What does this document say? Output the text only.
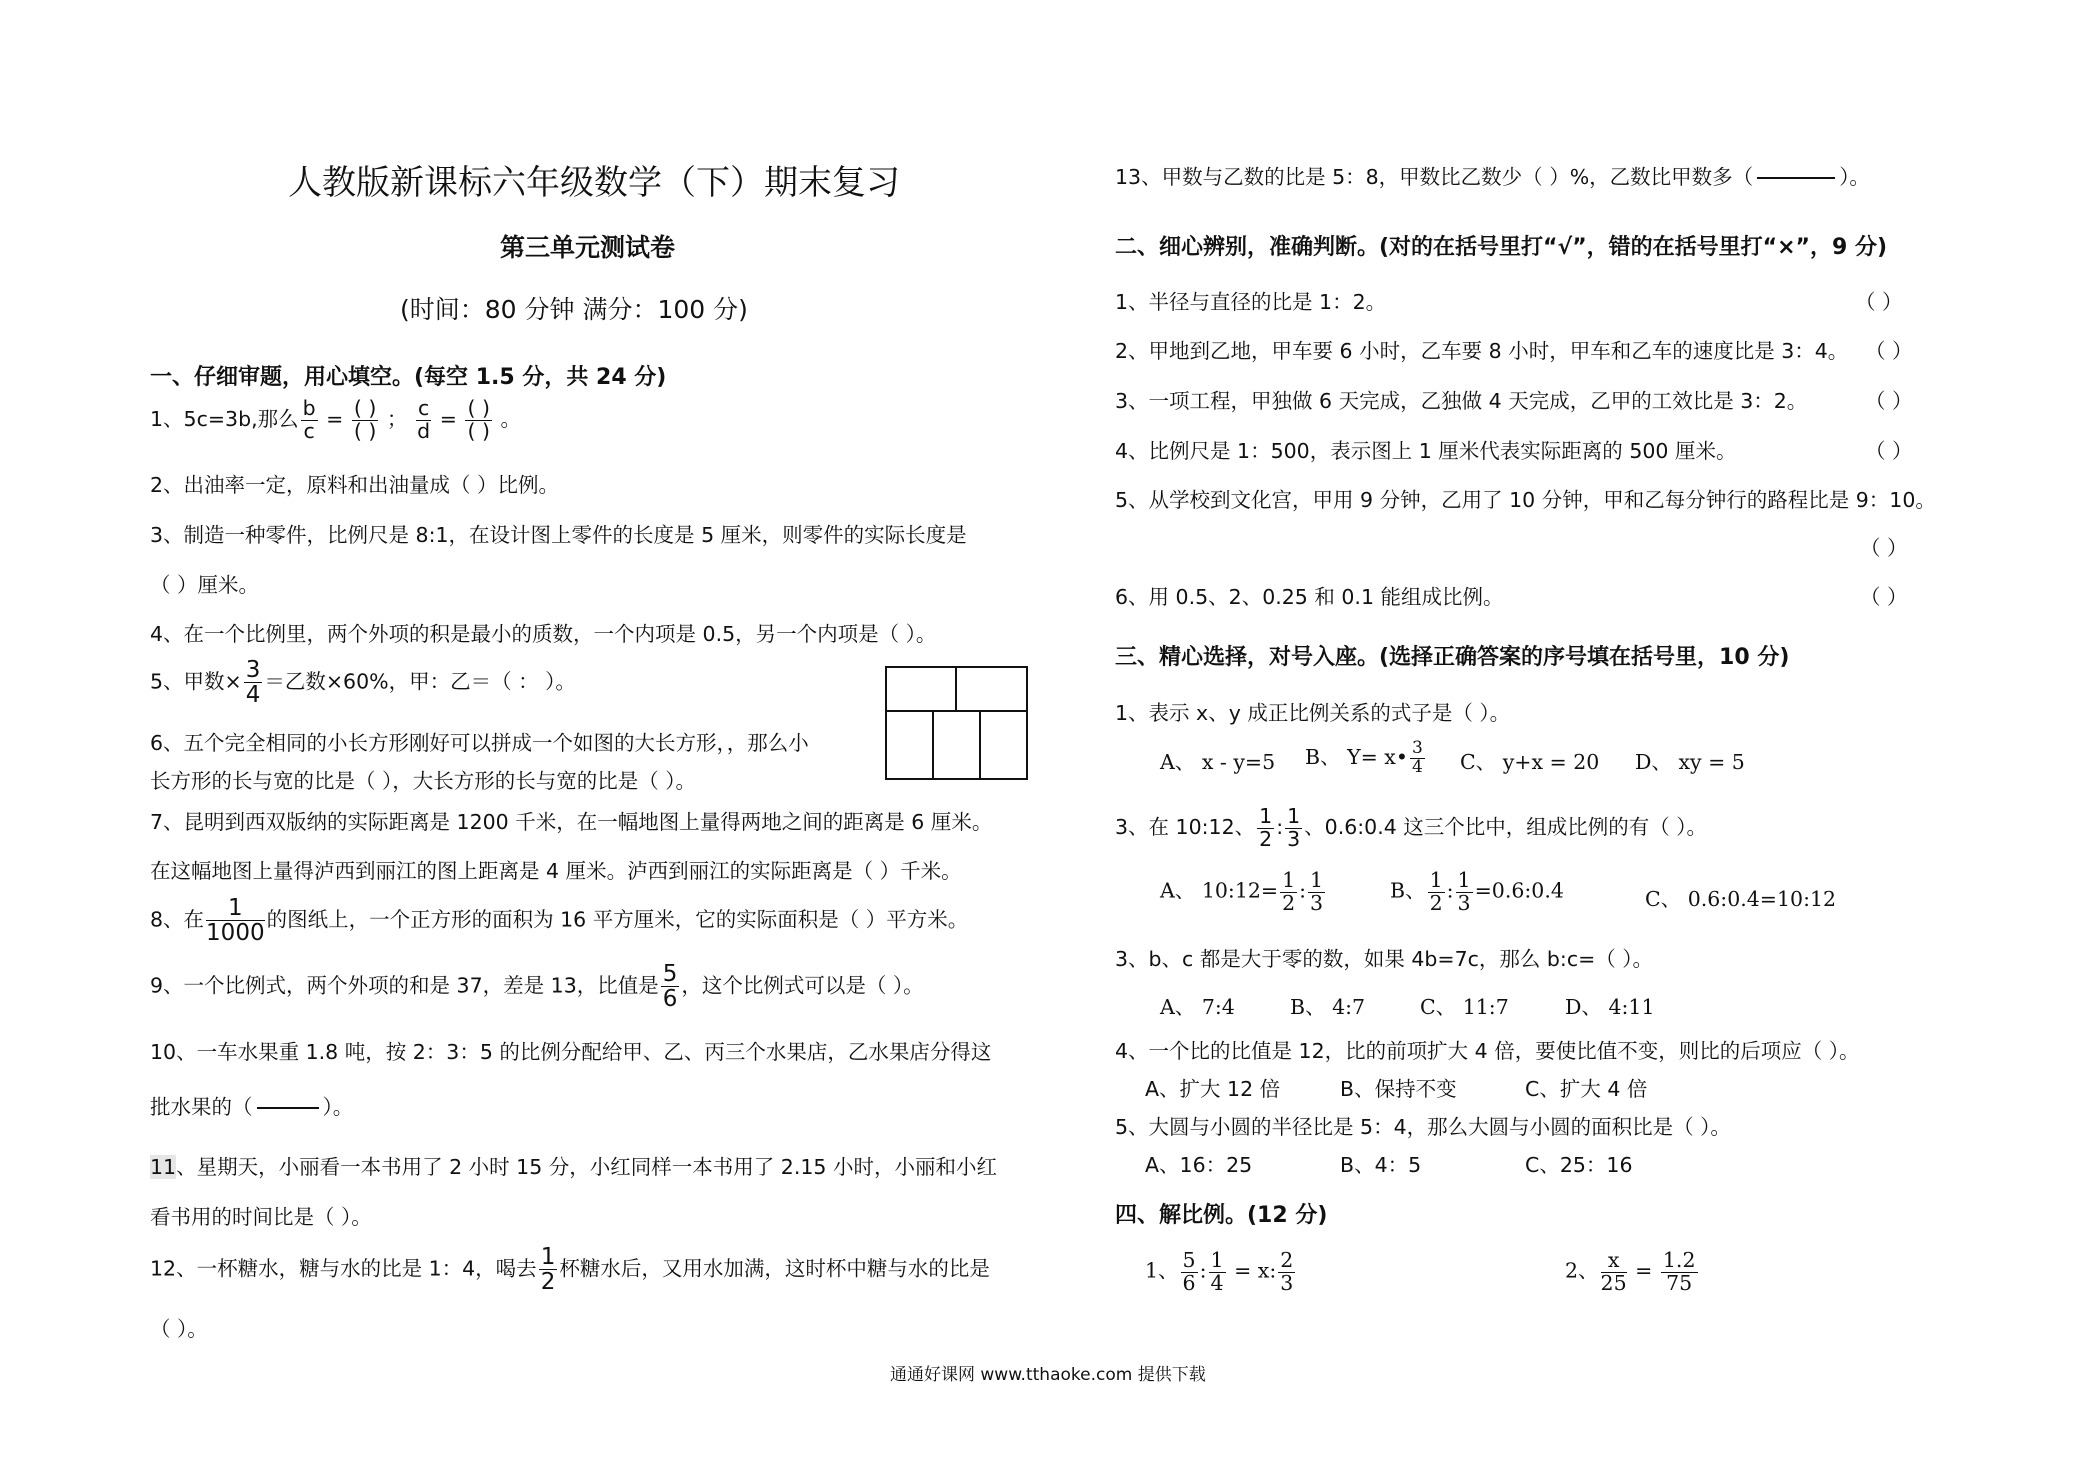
人教版新课标六年级数学（下）期末复习
第三单元测试卷
(时间：80 分钟 满分：100 分)
一、仔细审题，用心填空。(每空 1.5 分，共 24 分)
1、5c=3b,那么 $\frac{b}{c} = \frac{( )}{( )}$ ； $\frac{c}{d} = \frac{( )}{( )}$ 。
2、出油率一定，原料和出油量成（ ）比例。
3、制造一种零件，比例尺是 8:1，在设计图上零件的长度是 5 厘米，则零件的实际长度是
（ ）厘米。
4、在一个比例里，两个外项的积是最小的质数，一个内项是 0.5，另一个内项是（ ）。
5、甲数× $\frac{3}{4}$ ＝乙数×60%，甲：乙＝（ ： ）。
6、五个完全相同的小长方形刚好可以拼成一个如图的大长方形，，那么小
长方形的长与宽的比是（ ），大长方形的长与宽的比是（ ）。
7、昆明到西双版纳的实际距离是 1200 千米，在一幅地图上量得两地之间的距离是 6 厘米。
在这幅地图上量得泸西到丽江的图上距离是 4 厘米。泸西到丽江的实际距离是（ ）千米。
8、在 $\frac{1}{1000}$ 的图纸上，一个正方形的面积为 16 平方厘米，它的实际面积是（ ）平方米。
9、一个比例式，两个外项的和是 37，差是 13，比值是 $\frac{5}{6}$ ，这个比例式可以是（ ）。
10、一车水果重 1.8 吨，按 2：3：5 的比例分配给甲、乙、丙三个水果店，乙水果店分得这
批水果的（	）。
11、星期天，小丽看一本书用了 2 小时 15 分，小红同样一本书用了 2.15 小时，小丽和小红
看书用的时间比是（ ）。
12、一杯糖水，糖与水的比是 1：4，喝去 $\frac{1}{2}$ 杯糖水后，又用水加满，这时杯中糖与水的比是
（ ）。
13、甲数与乙数的比是 5：8，甲数比乙数少（ ）%，乙数比甲数多（	）。
二、细心辨别，准确判断。(对的在括号里打“√”，错的在括号里打“×”，9 分)
1、半径与直径的比是 1：2。	（ ）
2、甲地到乙地，甲车要 6 小时，乙车要 8 小时，甲车和乙车的速度比是 3：4。 （ ）
3、一项工程，甲独做 6 天完成，乙独做 4 天完成，乙甲的工效比是 3：2。	（ ）
4、比例尺是 1：500，表示图上 1 厘米代表实际距离的 500 厘米。	（ ）
5、从学校到文化宫，甲用 9 分钟，乙用了 10 分钟，甲和乙每分钟行的路程比是 9：10。
（ ）
6、用 0.5、2、0.25 和 0.1 能组成比例。	（ ）
三、精心选择，对号入座。(选择正确答案的序号填在括号里，10 分)
1、表示 x、y 成正比例关系的式子是（ ）。
A、 x - y=5 B、 Y= x• $\frac{3}{4}$ C、 y+x = 20 D、 xy = 5
3、在 10:12、 $\frac{1}{2}$ : $\frac{1}{3}$ 、0.6:0.4 这三个比中，组成比例的有（ ）。
A、 10:12= $\frac{1}{2}$ : $\frac{1}{3}$	B、 $\frac{1}{2}$ : $\frac{1}{3}$ =0.6:0.4	C、 0.6:0.4=10:12
3、b、c 都是大于零的数，如果 4b=7c，那么 b:c=（ ）。
A、 7:4	B、 4:7	C、 11:7	D、 4:11
4、一个比的比值是 12，比的前项扩大 4 倍，要使比值不变，则比的后项应（ ）。
A、扩大 12 倍	B、保持不变	C、扩大 4 倍
5、大圆与小圆的半径比是 5：4，那么大圆与小圆的面积比是（ ）。
A、16：25	B、4：5	C、25：16
四、解比例。(12 分)
1、 $\frac{5}{6}$ : $\frac{1}{4} = x$: $\frac{2}{3}$	2、 $\frac{x}{25} = \frac{1.2}{75}$
通通好课网 www.tthaoke.com 提供下载
